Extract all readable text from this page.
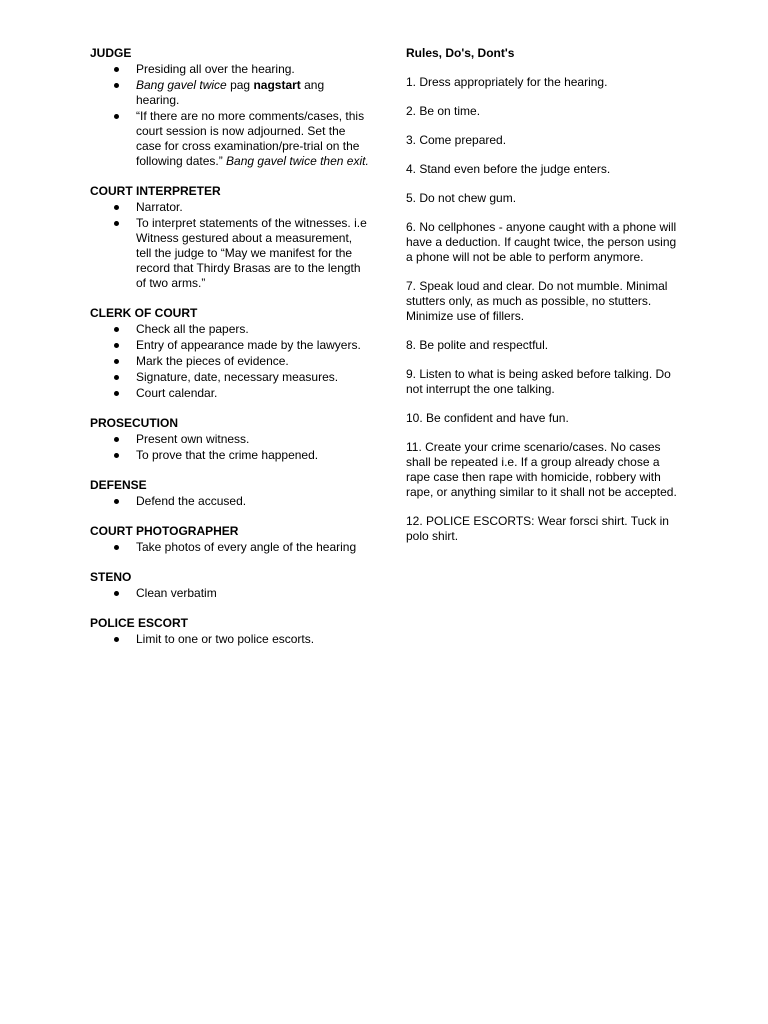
JUDGE
Presiding all over the hearing.
Bang gavel twice pag nagstart ang hearing.
“If there are no more comments/cases, this court session is now adjourned. Set the case for cross examination/pre-trial on the following dates.” Bang gavel twice then exit.
COURT INTERPRETER
Narrator.
To interpret statements of the witnesses. i.e Witness gestured about a measurement, tell the judge to “May we manifest for the record that Thirdy Brasas are to the length of two arms.”
CLERK OF COURT
Check all the papers.
Entry of appearance made by the lawyers.
Mark the pieces of evidence.
Signature, date, necessary measures.
Court calendar.
PROSECUTION
Present own witness.
To prove that the crime happened.
DEFENSE
Defend the accused.
COURT PHOTOGRAPHER
Take photos of every angle of the hearing
STENO
Clean verbatim
POLICE ESCORT
Limit to one or two police escorts.
Rules, Do's, Dont's
1. Dress appropriately for the hearing.
2. Be on time.
3. Come prepared.
4. Stand even before the judge enters.
5. Do not chew gum.
6. No cellphones - anyone caught with a phone will have a deduction. If caught twice, the person using a phone will not be able to perform anymore.
7. Speak loud and clear. Do not mumble. Minimal stutters only, as much as possible, no stutters. Minimize use of fillers.
8. Be polite and respectful.
9. Listen to what is being asked before talking. Do not interrupt the one talking.
10. Be confident and have fun.
11. Create your crime scenario/cases. No cases shall be repeated i.e. If a group already chose a rape case then rape with homicide, robbery with rape, or anything similar to it shall not be accepted.
12. POLICE ESCORTS: Wear forsci shirt. Tuck in polo shirt.
